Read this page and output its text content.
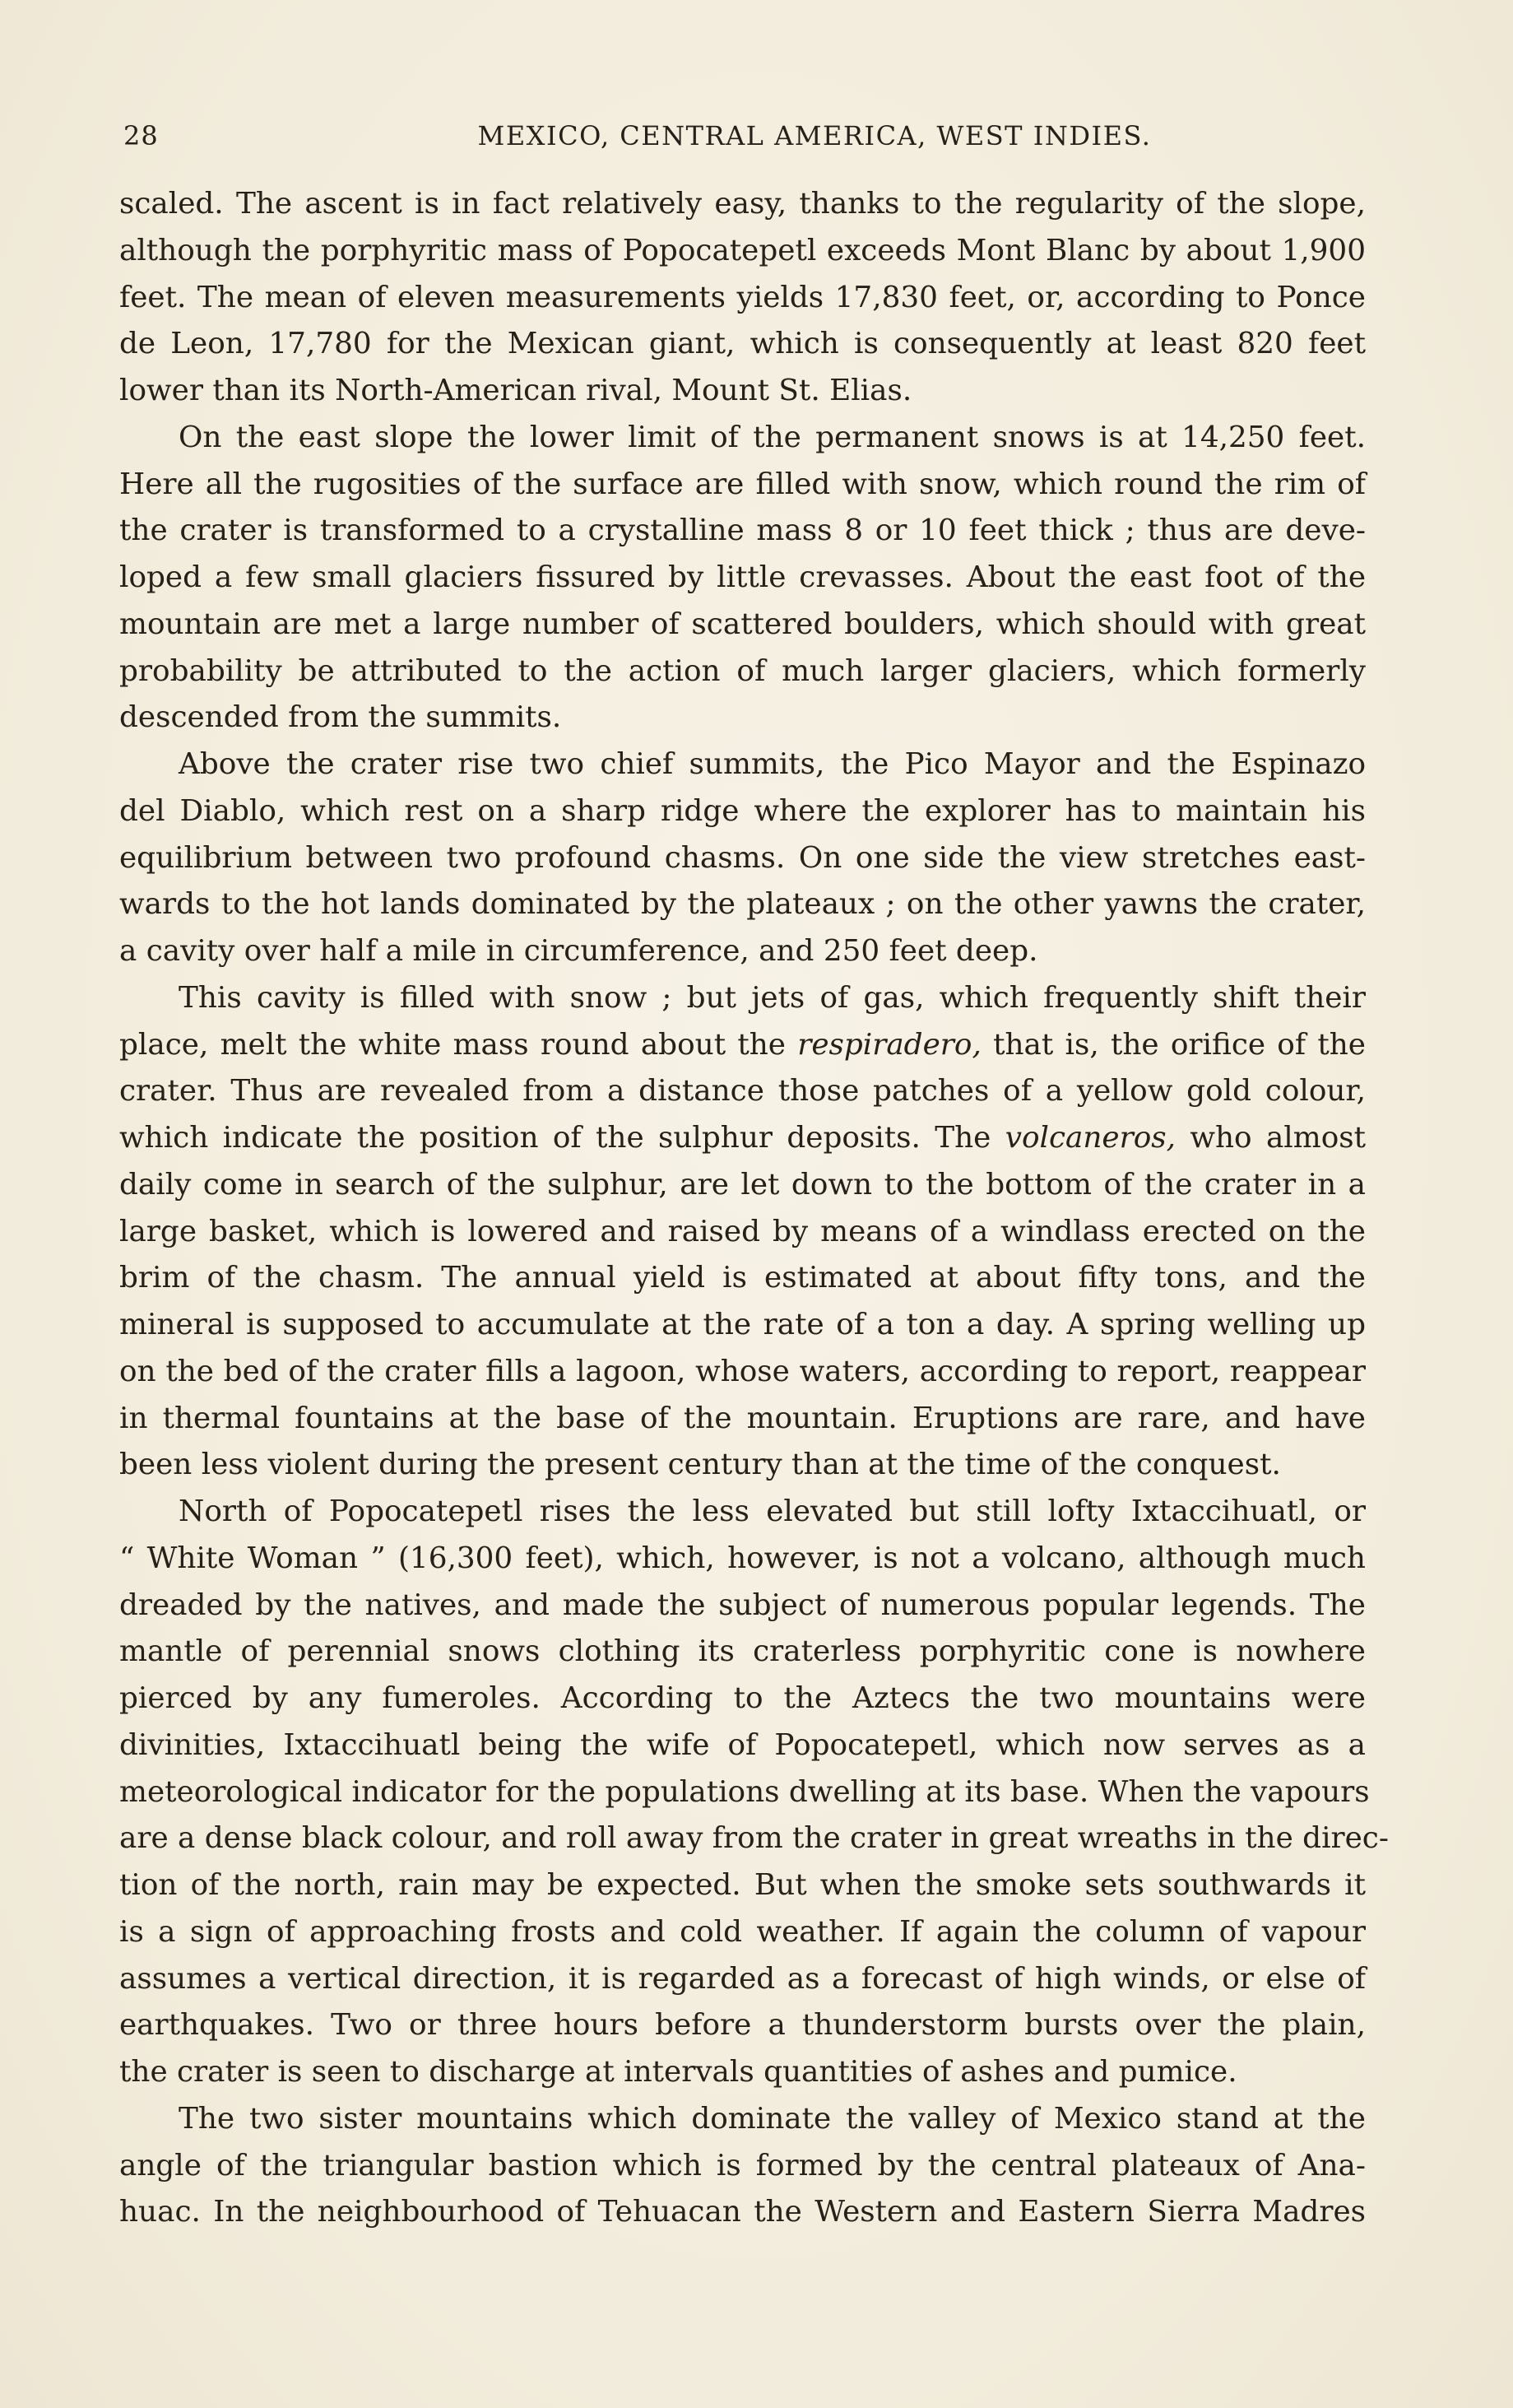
28	MEXICO, CENTRAL AMERICA, WEST INDIES.
scaled. The ascent is in fact relatively easy, thanks to the regularity of the slope,
although the porphyritic mass of Popocatepetl exceeds Mont Blanc by about 1,900
feet. The mean of eleven measurements yields 17,830 feet, or, according to Ponce
de Leon, 17,780 for the Mexican giant, which is consequently at least 820 feet
lower than its North-American rival, Mount St. Elias.
On the east slope the lower limit of the permanent snows is at 14,250 feet.
Here all the rugosities of the surface are filled with snow, which round the rim of
the crater is transformed to a crystalline mass 8 or 10 feet thick ; thus are deve-
loped a few small glaciers fissured by little crevasses. About the east foot of the
mountain are met a large number of scattered boulders, which should with great
probability be attributed to the action of much larger glaciers, which formerly
descended from the summits.
Above the crater rise two chief summits, the Pico Mayor and the Espinazo
del Diablo, which rest on a sharp ridge where the explorer has to maintain his
equilibrium between two profound chasms. On one side the view stretches east-
wards to the hot lands dominated by the plateaux ; on the other yawns the crater,
a cavity over half a mile in circumference, and 250 feet deep.
This cavity is filled with snow ; but jets of gas, which frequently shift their
place, melt the white mass round about the respiradero, that is, the orifice of the
crater. Thus are revealed from a distance those patches of a yellow gold colour,
which indicate the position of the sulphur deposits. The volcaneros, who almost
daily come in search of the sulphur, are let down to the bottom of the crater in a
large basket, which is lowered and raised by means of a windlass erected on the
brim of the chasm. The annual yield is estimated at about fifty tons, and the
mineral is supposed to accumulate at the rate of a ton a day. A spring welling up
on the bed of the crater fills a lagoon, whose waters, according to report, reappear
in thermal fountains at the base of the mountain. Eruptions are rare, and have
been less violent during the present century than at the time of the conquest.
North of Popocatepetl rises the less elevated but still lofty Ixtaccihuatl, or
“ White Woman ” (16,300 feet), which, however, is not a volcano, although much
dreaded by the natives, and made the subject of numerous popular legends. The
mantle of perennial snows clothing its craterless porphyritic cone is nowhere
pierced by any fumeroles. According to the Aztecs the two mountains were
divinities, Ixtaccihuatl being the wife of Popocatepetl, which now serves as a
meteorological indicator for the populations dwelling at its base. When the vapours
are a dense black colour, and roll away from the crater in great wreaths in the direc-
tion of the north, rain may be expected. But when the smoke sets southwards it
is a sign of approaching frosts and cold weather. If again the column of vapour
assumes a vertical direction, it is regarded as a forecast of high winds, or else of
earthquakes. Two or three hours before a thunderstorm bursts over the plain,
the crater is seen to discharge at intervals quantities of ashes and pumice.
The two sister mountains which dominate the valley of Mexico stand at the
angle of the triangular bastion which is formed by the central plateaux of Ana-
huac. In the neighbourhood of Tehuacan the Western and Eastern Sierra Madres
